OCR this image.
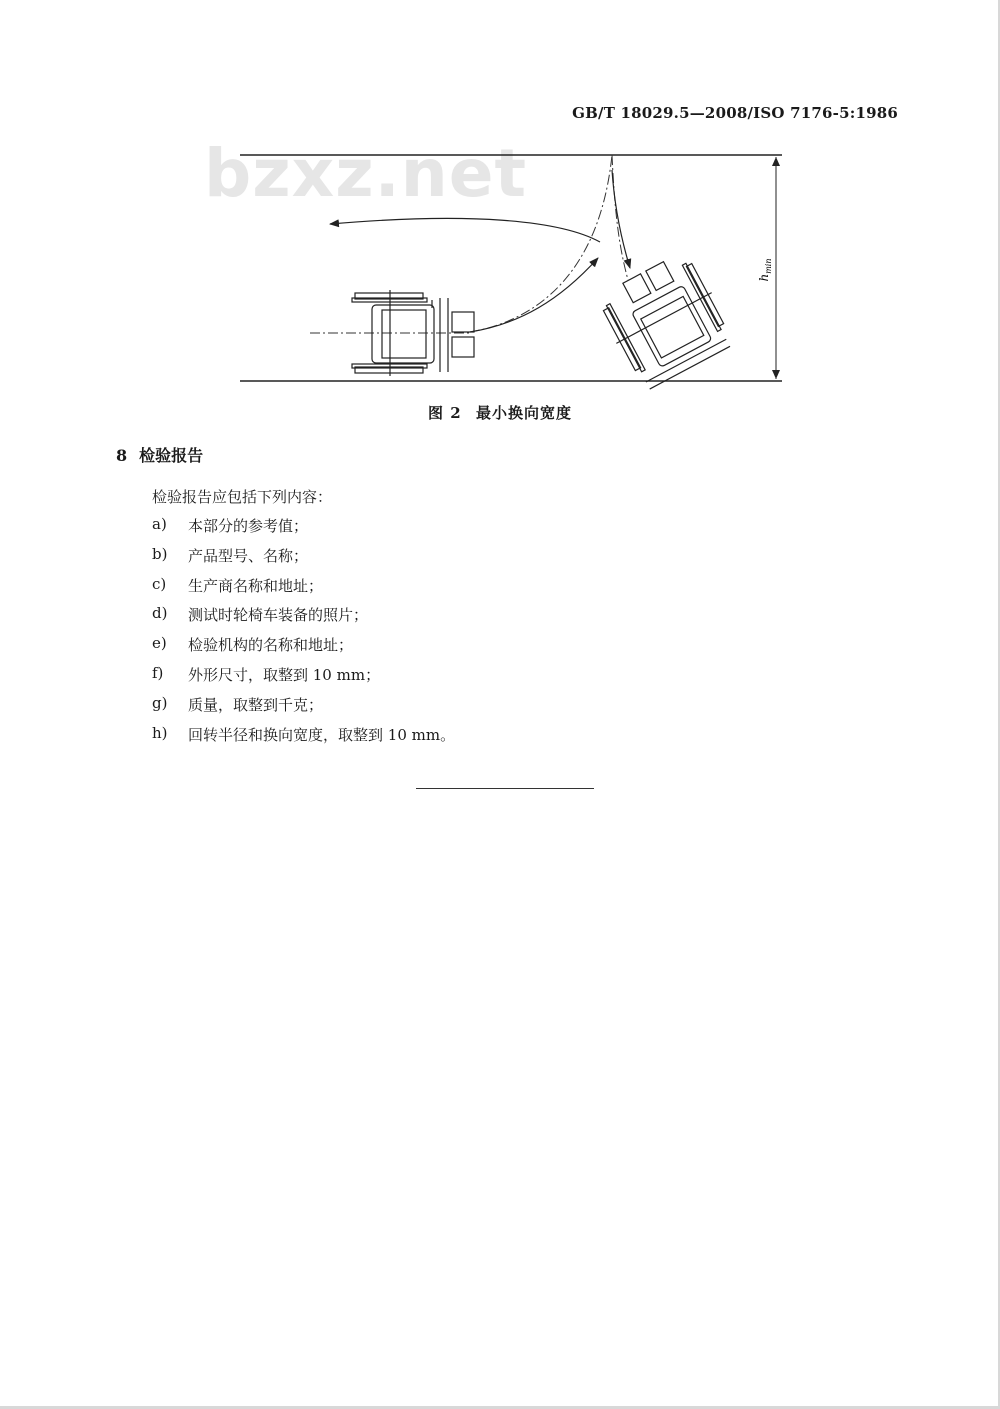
GB/T 18029.5—2008/ISO 7176-5:1986
bzxz.net
$h_{min}$
图 2 最小换向宽度
8 检验报告
检验报告应包括下列内容：
a)	本部分的参考值；
b)	产品型号、名称；
c)	生产商名称和地址；
d)	测试时轮椅车装备的照片；
e)	检验机构的名称和地址；
f)	外形尺寸，取整到 10 mm；
g)	质量，取整到千克；
h)	回转半径和换向宽度，取整到 10 mm。
